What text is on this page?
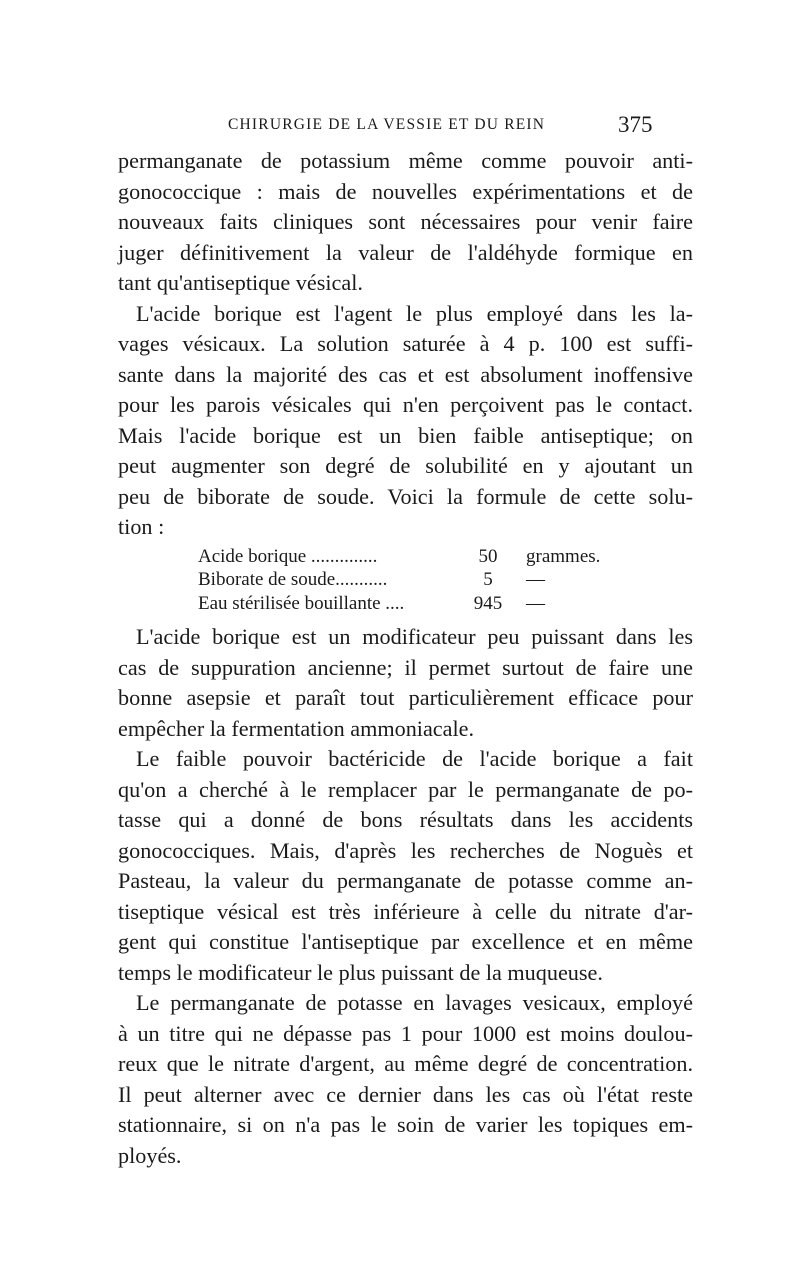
CHIRURGIE DE LA VESSIE ET DU REIN	375
permanganate de potassium même comme pouvoir anti-
gonococcique : mais de nouvelles expérimentations et de
nouveaux faits cliniques sont nécessaires pour venir faire
juger définitivement la valeur de l'aldéhyde formique en
tant qu'antiseptique vésical.
L'acide borique est l'agent le plus employé dans les la-
vages vésicaux. La solution saturée à 4 p. 100 est suffi-
sante dans la majorité des cas et est absolument inoffensive
pour les parois vésicales qui n'en perçoivent pas le contact.
Mais l'acide borique est un bien faible antiseptique; on
peut augmenter son degré de solubilité en y ajoutant un
peu de biborate de soude. Voici la formule de cette solu-
tion :
Acide borique ..............	50	grammes.
Biborate de soude...........	5	—
Eau stérilisée bouillante ....	945	—
L'acide borique est un modificateur peu puissant dans les
cas de suppuration ancienne; il permet surtout de faire une
bonne asepsie et paraît tout particulièrement efficace pour
empêcher la fermentation ammoniacale.
Le faible pouvoir bactéricide de l'acide borique a fait
qu'on a cherché à le remplacer par le permanganate de po-
tasse qui a donné de bons résultats dans les accidents
gonococciques. Mais, d'après les recherches de Noguès et
Pasteau, la valeur du permanganate de potasse comme an-
tiseptique vésical est très inférieure à celle du nitrate d'ar-
gent qui constitue l'antiseptique par excellence et en même
temps le modificateur le plus puissant de la muqueuse.
Le permanganate de potasse en lavages vesicaux, employé
à un titre qui ne dépasse pas 1 pour 1000 est moins doulou-
reux que le nitrate d'argent, au même degré de concentration.
Il peut alterner avec ce dernier dans les cas où l'état reste
stationnaire, si on n'a pas le soin de varier les topiques em-
ployés.
